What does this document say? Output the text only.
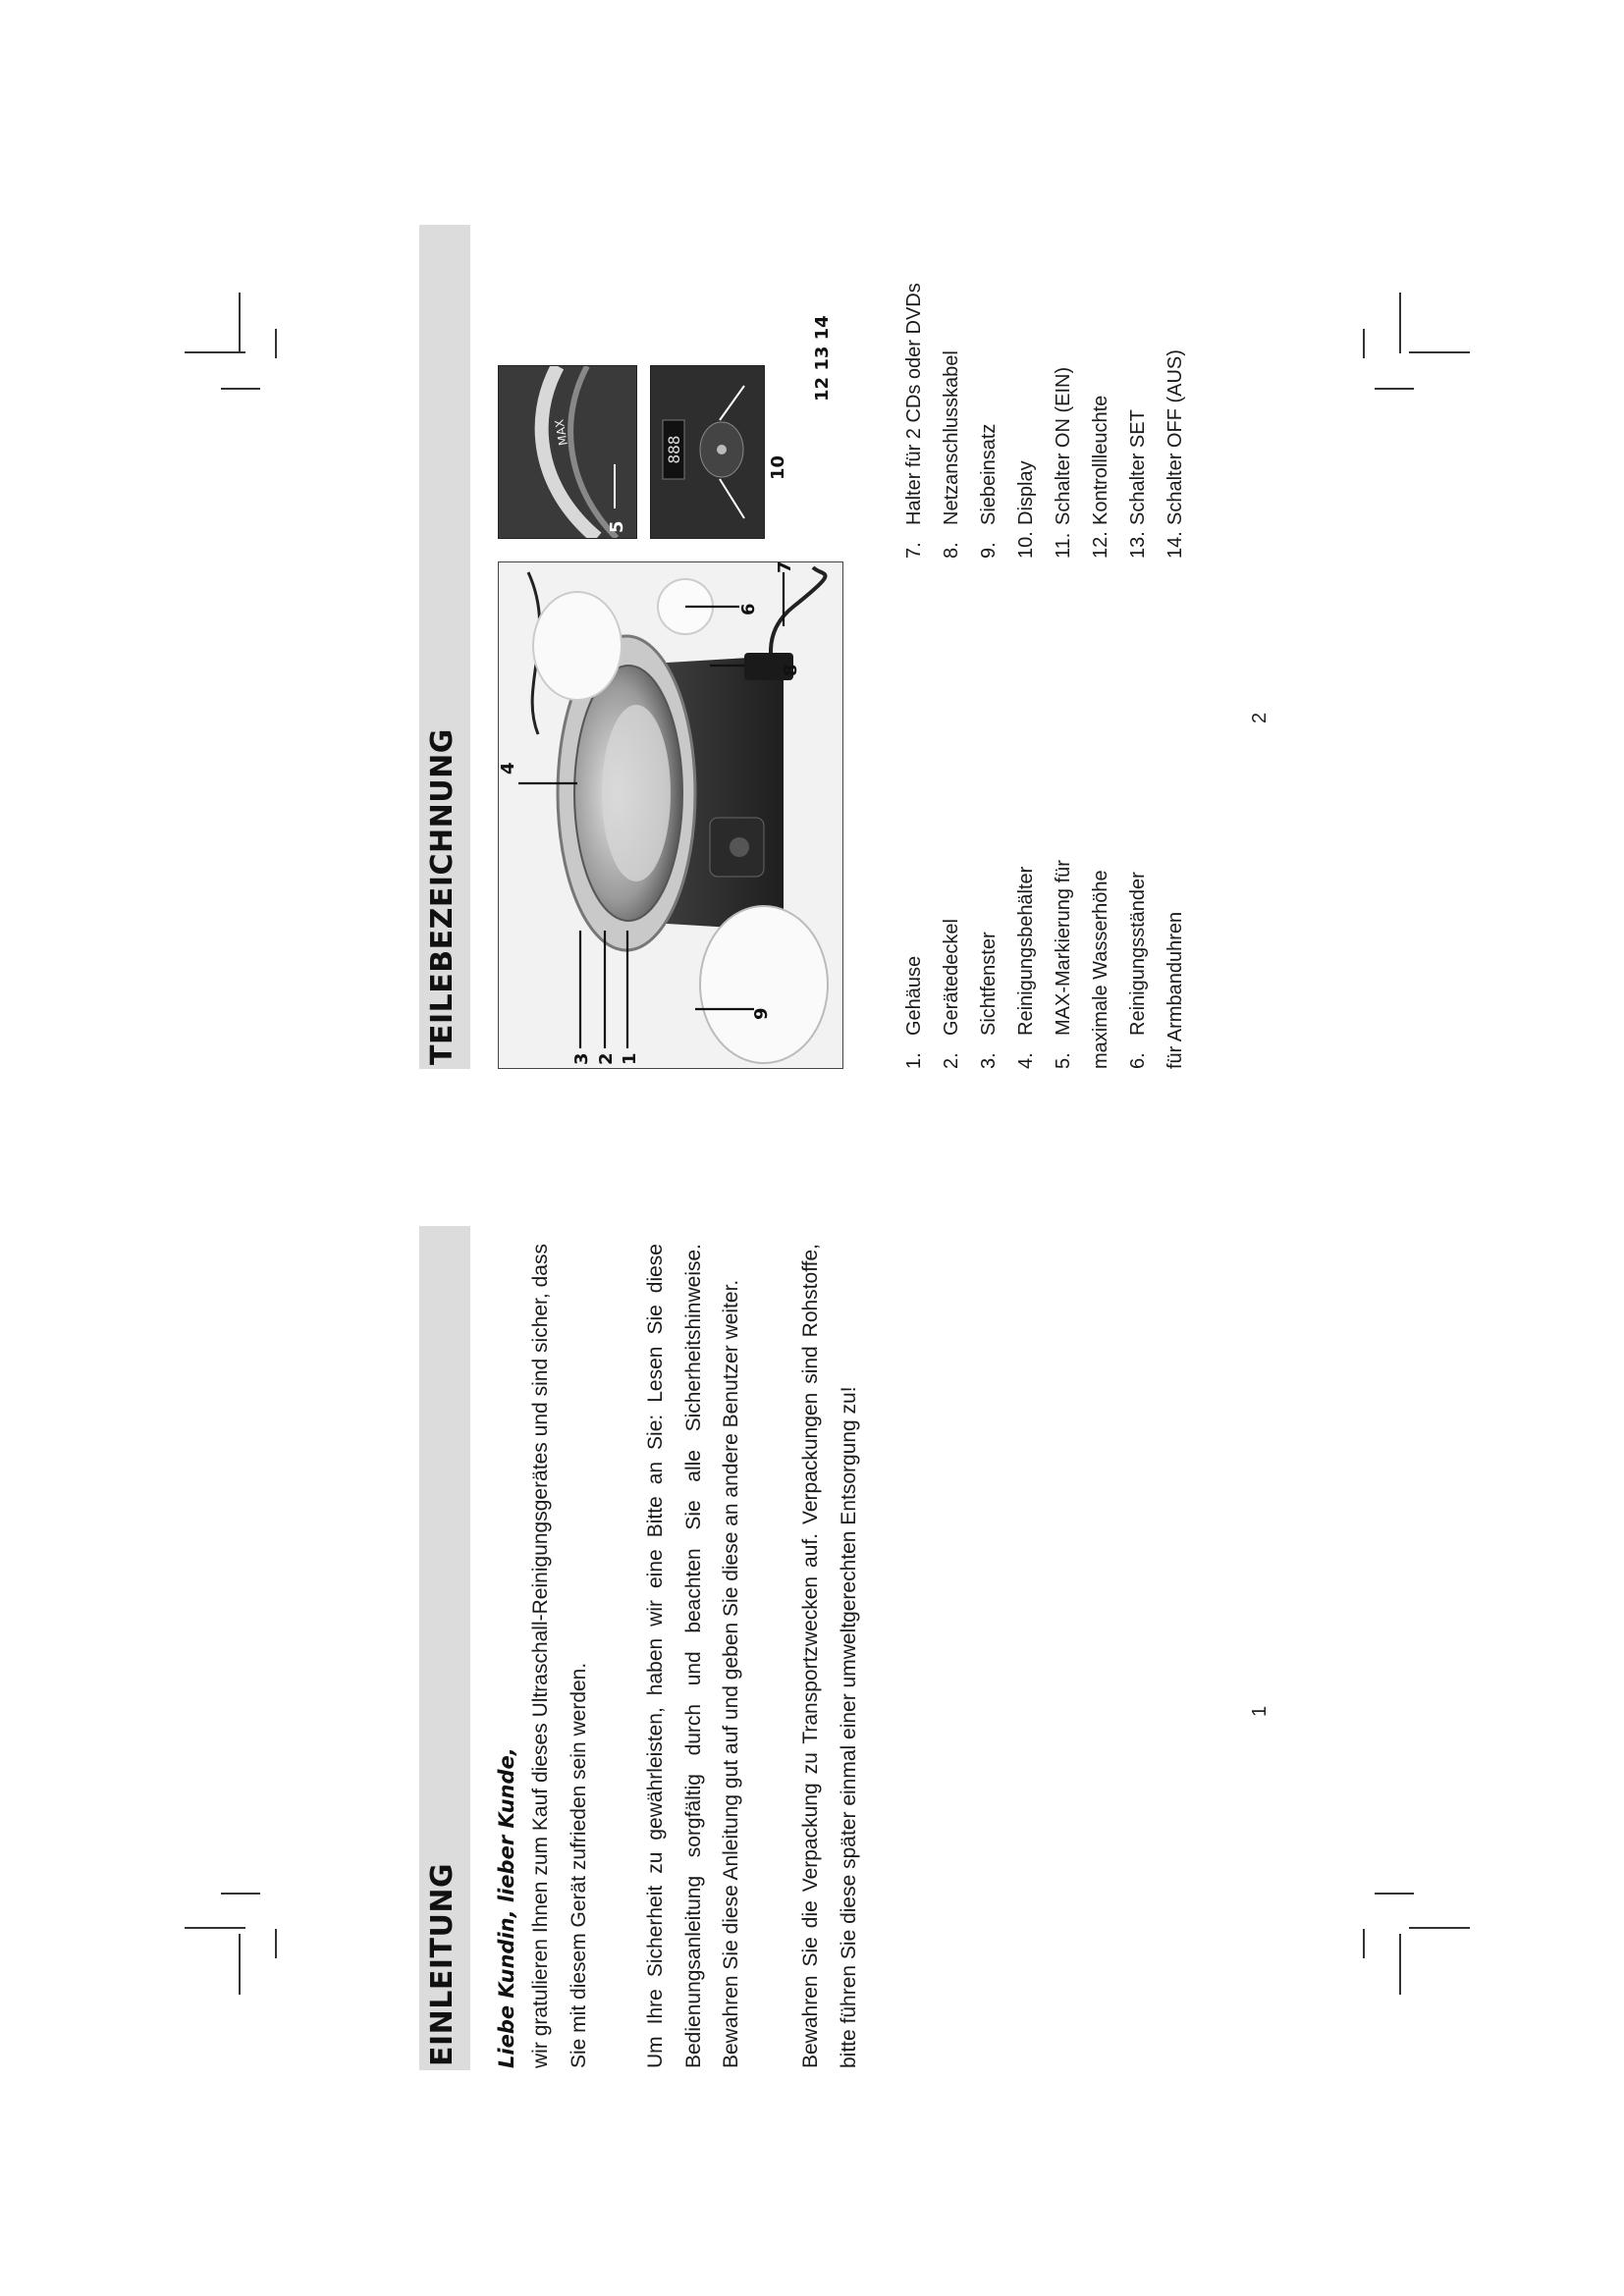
EINLEITUNG Liebe Kundin, lieber Kunde, wir gratulieren Ihnen zum Kauf dieses Ultraschall-Reinigungsgerätes und sind sicher, dass Sie mit diesem Gerät zufrieden sein werden.	Um Ihre Sicherheit zu gewährleisten, haben wir eine Bitte an Sie: Lesen Sie diese Bedienungsanleitung sorgfältig durch und beachten Sie alle Sicherheitshinweise. Bewahren Sie diese Anleitung gut auf und geben Sie diese an andere Benutzer weiter.	Bewahren Sie die Verpackung zu Transportzwecken auf. Verpackungen sind Rohstoffe, bitte führen Sie diese später einmal einer umweltgerechten Entsorgung zu!	1
TEILEBEZEICHNUNG	3 2 1
4
9
6
7
8
MAX
5
888
10
12 13 14
1.Gehäuse
2.Gerätedeckel
3.Sichtfenster
4.Reinigungsbehälter
5.MAX-Markierung für maximale Wasserhöhe 6.Reinigungsständer für Armbanduhren
7.Halter für 2 CDs oder DVDs
8.Netzanschlusskabel
9.Siebeinsatz
10.Display
11.Schalter ON (EIN)
12.Kontrollleuchte
13.Schalter SET
14.Schalter OFF (AUS)
2
